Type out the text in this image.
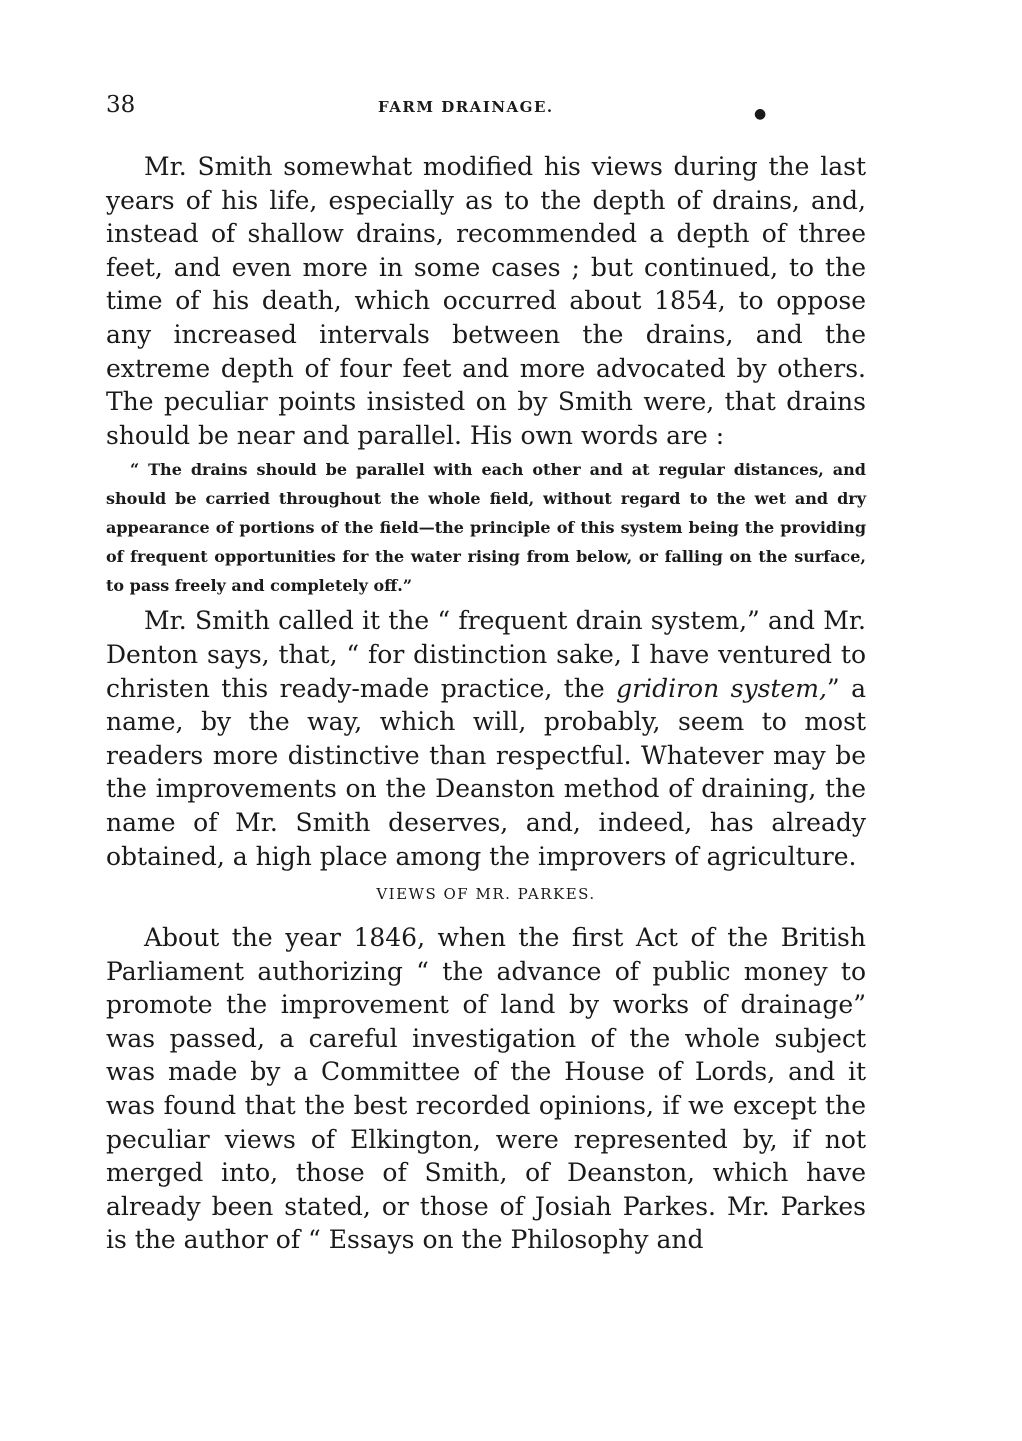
38	FARM DRAINAGE.	●

Mr. Smith somewhat modified his views during the last years of his life, especially as to the depth of drains, and, instead of shallow drains, recommended a depth of three feet, and even more in some cases ; but continued, to the time of his death, which occurred about 1854, to oppose any increased intervals between the drains, and the extreme depth of four feet and more advocated by others. The peculiar points insisted on by Smith were, that drains should be near and parallel. His own words are :

“ The drains should be parallel with each other and at regular distances, and should be carried throughout the whole field, without regard to the wet and dry appearance of portions of the field—the principle of this system being the providing of frequent opportunities for the water rising from below, or falling on the surface, to pass freely and completely off.”

Mr. Smith called it the “ frequent drain system,” and Mr. Denton says, that, “ for distinction sake, I have ventured to christen this ready-made practice, the gridiron system,” a name, by the way, which will, probably, seem to most readers more distinctive than respectful. Whatever may be the improvements on the Deanston method of draining, the name of Mr. Smith deserves, and, indeed, has already obtained, a high place among the improvers of agriculture.

VIEWS OF MR. PARKES.

About the year 1846, when the first Act of the British Parliament authorizing “ the advance of public money to promote the improvement of land by works of drainage” was passed, a careful investigation of the whole subject was made by a Committee of the House of Lords, and it was found that the best recorded opinions, if we except the peculiar views of Elkington, were represented by, if not merged into, those of Smith, of Deanston, which have already been stated, or those of Josiah Parkes. Mr. Parkes is the author of “ Essays on the Philosophy and
